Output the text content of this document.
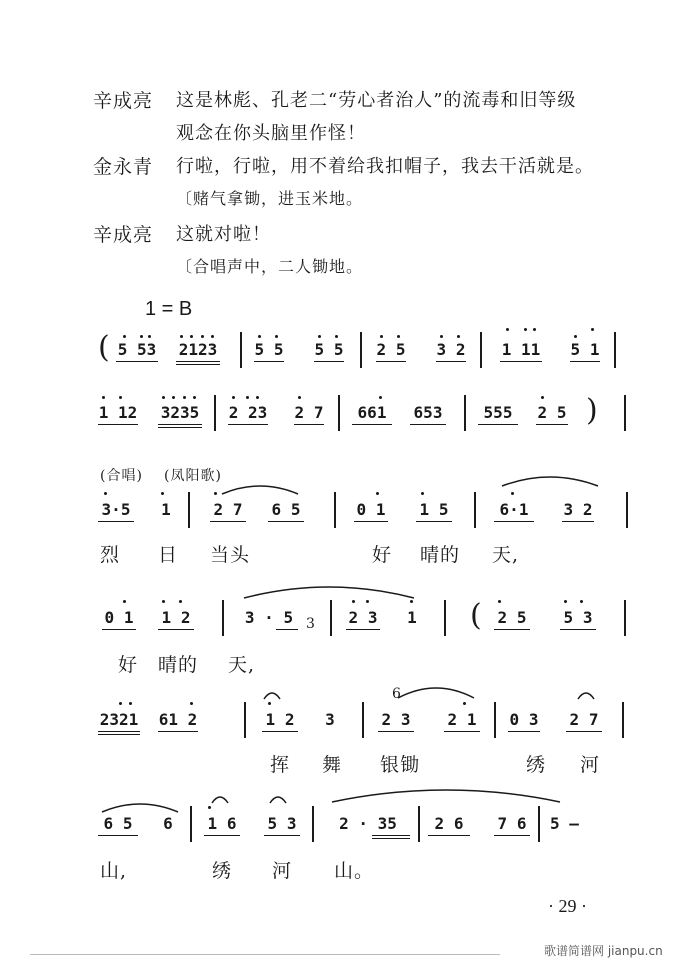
辛成亮 这是林彪、孔老二“劳心者治人”的流毒和旧等级
观念在你头脑里作怪！
金永青 行啦，行啦，用不着给我扣帽子，我去干活就是。
〔赌气拿锄，进玉米地。
辛成亮 这就对啦！
〔合唱声中，二人锄地。
1 = B
( 5 53 2123 5 5 5 5 2 5 3 2 1 11 5 1
1 12 3235 2 23 2 7	661	653	555	2 5 )
(合唱) (凤阳歌)
3·5 1	2 7 6 5	0 1 1 5	6·1	3 2
烈 日 当头	好 晴的 天,
0 1 1 2	3 · 5	2 3 1	2 5 5 3
(
3
好 晴的 天,
2321 61 2	1 2 3	2 3 2 1 0 3 2 7
6
挥 舞 银锄	绣 河
6 5	6 1 6 5 3	2 · 35	2 6	7 6 5 —
山,	绣 河 山。
· 29 ·
歌谱简谱网 jianpu.cn
